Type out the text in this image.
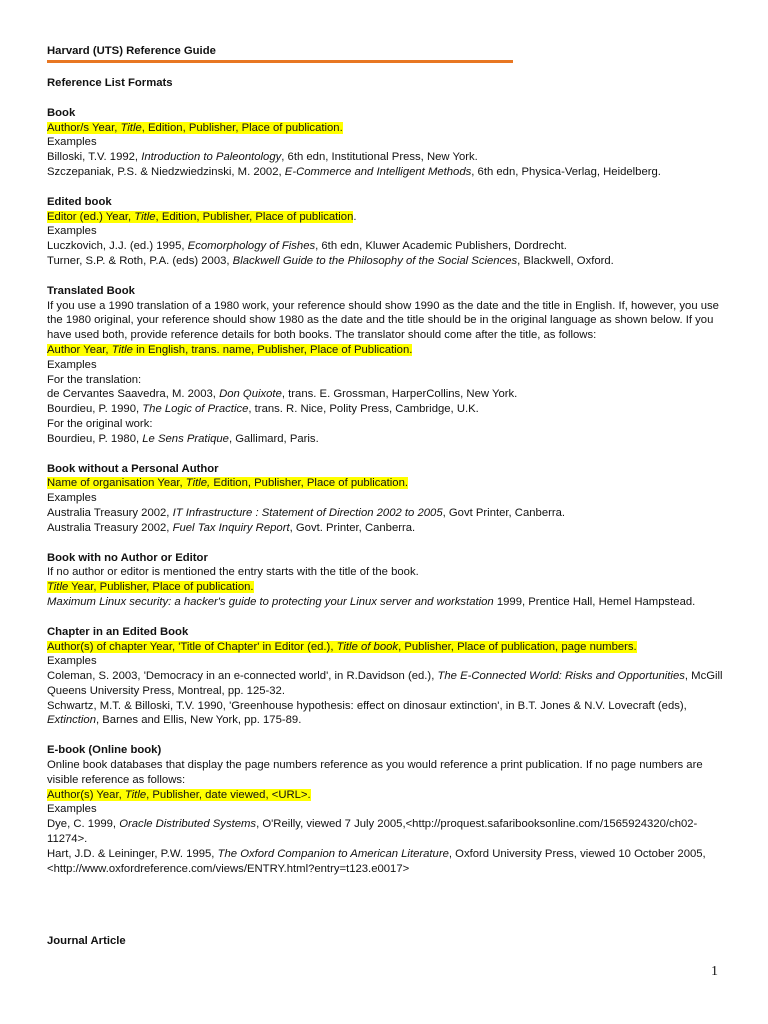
Harvard (UTS) Reference Guide
Reference List Formats
Book
Author/s Year, Title, Edition, Publisher, Place of publication.
Examples
Billoski, T.V. 1992, Introduction to Paleontology, 6th edn, Institutional Press, New York.
Szczepaniak, P.S. & Niedzwiedzinski, M. 2002, E-Commerce and Intelligent Methods, 6th edn, Physica-Verlag, Heidelberg.
Edited book
Editor (ed.) Year, Title, Edition, Publisher, Place of publication.
Examples
Luczkovich, J.J. (ed.) 1995, Ecomorphology of Fishes, 6th edn, Kluwer Academic Publishers, Dordrecht.
Turner, S.P. & Roth, P.A. (eds) 2003, Blackwell Guide to the Philosophy of the Social Sciences, Blackwell, Oxford.
Translated Book
If you use a 1990 translation of a 1980 work, your reference should show 1990 as the date and the title in English. If, however, you use the 1980 original, your reference should show 1980 as the date and the title should be in the original language as shown below. If you have used both, provide reference details for both books. The translator should come after the title, as follows:
Author Year, Title in English, trans. name, Publisher, Place of Publication.
Examples
For the translation:
de Cervantes Saavedra, M. 2003, Don Quixote, trans. E. Grossman, HarperCollins, New York.
Bourdieu, P. 1990, The Logic of Practice, trans. R. Nice, Polity Press, Cambridge, U.K.
For the original work:
Bourdieu, P. 1980, Le Sens Pratique, Gallimard, Paris.
Book without a Personal Author
Name of organisation Year, Title, Edition, Publisher, Place of publication.
Examples
Australia Treasury 2002, IT Infrastructure : Statement of Direction 2002 to 2005, Govt Printer, Canberra.
Australia Treasury 2002, Fuel Tax Inquiry Report, Govt. Printer, Canberra.
Book with no Author or Editor
If no author or editor is mentioned the entry starts with the title of the book.
Title Year, Publisher, Place of publication.
Maximum Linux security: a hacker's guide to protecting your Linux server and workstation 1999, Prentice Hall, Hemel Hampstead.
Chapter in an Edited Book
Author(s) of chapter Year, 'Title of Chapter' in Editor (ed.), Title of book, Publisher, Place of publication, page numbers.
Examples
Coleman, S. 2003, 'Democracy in an e-connected world', in R.Davidson (ed.), The E-Connected World: Risks and Opportunities, McGill Queens University Press, Montreal, pp. 125-32.
Schwartz, M.T. & Billoski, T.V. 1990, 'Greenhouse hypothesis: effect on dinosaur extinction', in B.T. Jones & N.V. Lovecraft (eds), Extinction, Barnes and Ellis, New York, pp. 175-89.
E-book (Online book)
Online book databases that display the page numbers reference as you would reference a print publication. If no page numbers are visible reference as follows:
Author(s) Year, Title, Publisher, date viewed, <URL>.
Examples
Dye, C. 1999, Oracle Distributed Systems, O'Reilly, viewed 7 July 2005,<http://proquest.safaribooksonline.com/1565924320/ch02-11274>.
Hart, J.D. & Leininger, P.W. 1995, The Oxford Companion to American Literature, Oxford University Press, viewed 10 October 2005, <http://www.oxfordreference.com/views/ENTRY.html?entry=t123.e0017>
Journal Article
1
